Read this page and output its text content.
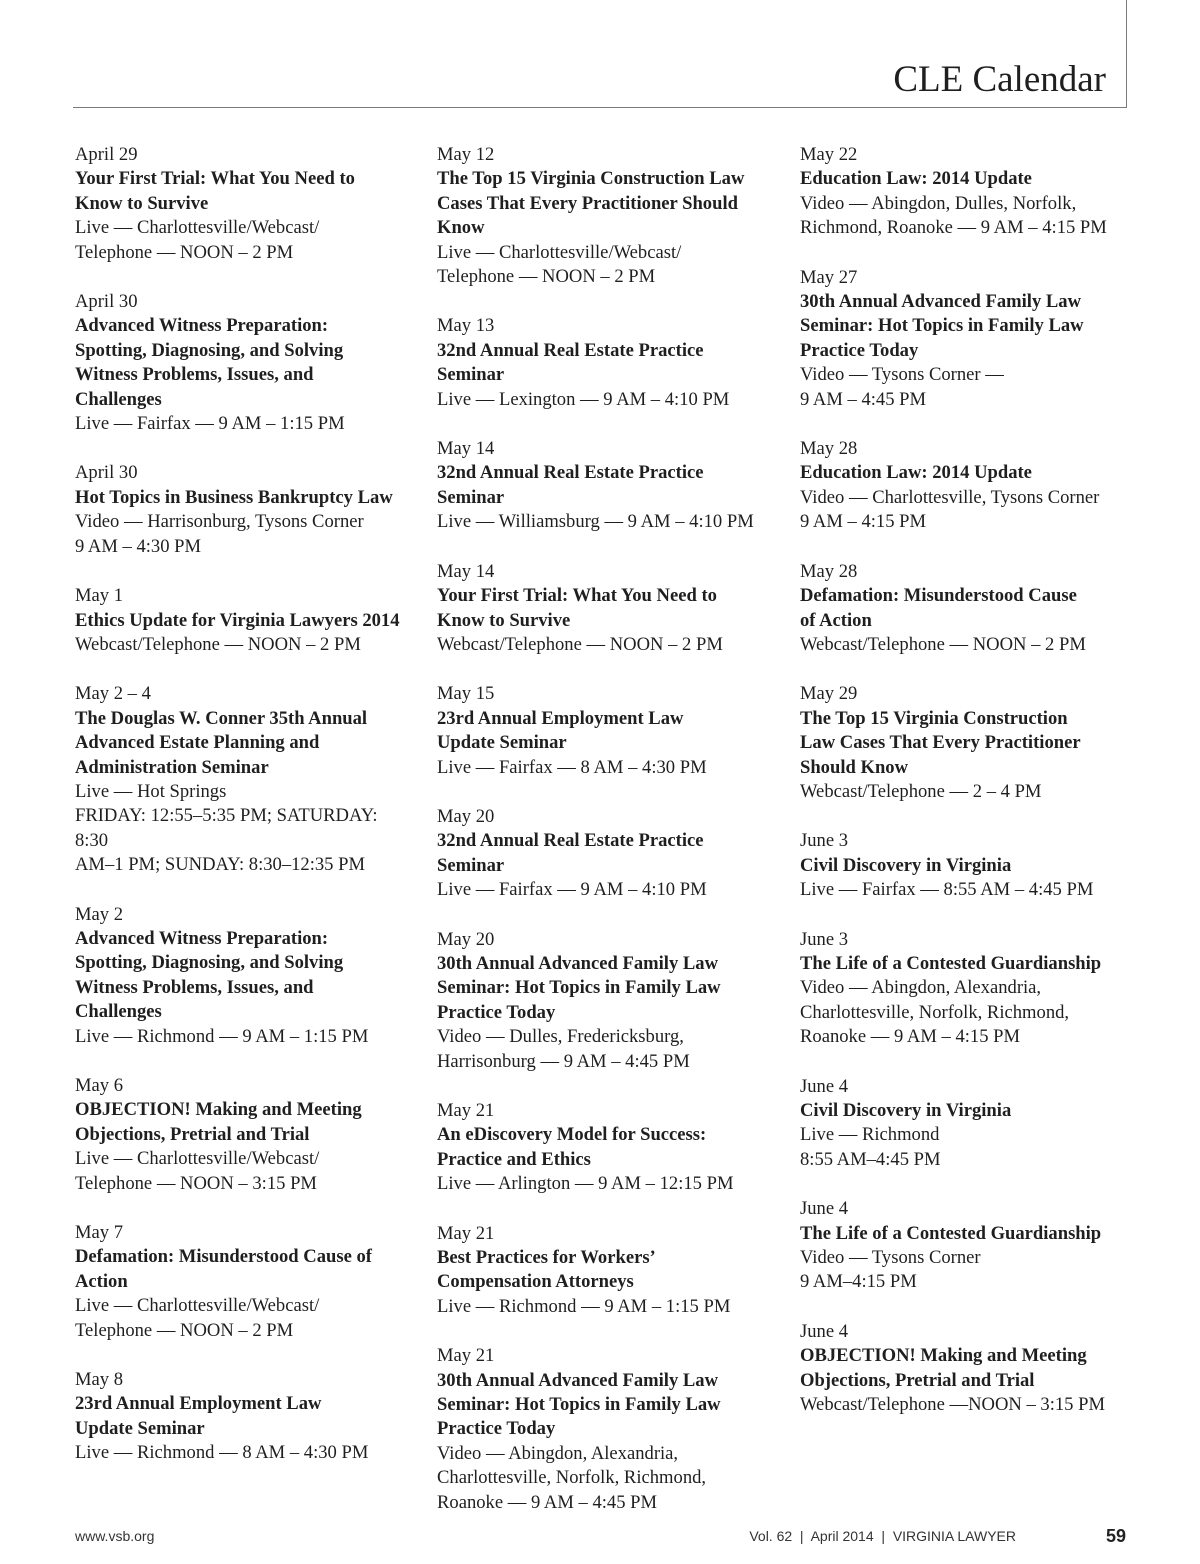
CLE Calendar
April 29
Your First Trial: What You Need to
Know to Survive
Live — Charlottesville/Webcast/
Telephone — NOON – 2 PM
April 30
Advanced Witness Preparation:
Spotting, Diagnosing, and Solving
Witness Problems, Issues, and
Challenges
Live — Fairfax — 9 AM – 1:15 PM
April 30
Hot Topics in Business Bankruptcy Law
Video — Harrisonburg, Tysons Corner
9 AM – 4:30 PM
May 1
Ethics Update for Virginia Lawyers 2014
Webcast/Telephone — NOON – 2 PM
May 2 – 4
The Douglas W. Conner 35th Annual
Advanced Estate Planning and
Administration Seminar
Live — Hot Springs
FRIDAY: 12:55–5:35 PM; SATURDAY: 8:30
AM–1 PM; SUNDAY: 8:30–12:35 PM
May 2
Advanced Witness Preparation:
Spotting, Diagnosing, and Solving
Witness Problems, Issues, and
Challenges
Live — Richmond — 9 AM – 1:15 PM
May 6
OBJECTION! Making and Meeting
Objections, Pretrial and Trial
Live — Charlottesville/Webcast/
Telephone — NOON – 3:15 PM
May 7
Defamation: Misunderstood Cause of
Action
Live — Charlottesville/Webcast/
Telephone — NOON – 2 PM
May 8
23rd Annual Employment Law
Update Seminar
Live — Richmond — 8 AM – 4:30 PM
May 12
The Top 15 Virginia Construction Law
Cases That Every Practitioner Should
Know
Live — Charlottesville/Webcast/
Telephone — NOON – 2 PM
May 13
32nd Annual Real Estate Practice
Seminar
Live — Lexington — 9 AM – 4:10 PM
May 14
32nd Annual Real Estate Practice
Seminar
Live — Williamsburg — 9 AM – 4:10 PM
May 14
Your First Trial: What You Need to
Know to Survive
Webcast/Telephone — NOON – 2 PM
May 15
23rd Annual Employment Law
Update Seminar
Live — Fairfax — 8 AM – 4:30 PM
May 20
32nd Annual Real Estate Practice
Seminar
Live — Fairfax — 9 AM – 4:10 PM
May 20
30th Annual Advanced Family Law
Seminar: Hot Topics in Family Law
Practice Today
Video — Dulles, Fredericksburg,
Harrisonburg — 9 AM – 4:45 PM
May 21
An eDiscovery Model for Success:
Practice and Ethics
Live — Arlington — 9 AM – 12:15 PM
May 21
Best Practices for Workers’
Compensation Attorneys
Live — Richmond — 9 AM – 1:15 PM
May 21
30th Annual Advanced Family Law
Seminar: Hot Topics in Family Law
Practice Today
Video — Abingdon, Alexandria,
Charlottesville, Norfolk, Richmond,
Roanoke — 9 AM – 4:45 PM
May 22
Education Law: 2014 Update
Video — Abingdon, Dulles, Norfolk,
Richmond, Roanoke — 9 AM – 4:15 PM
May 27
30th Annual Advanced Family Law
Seminar: Hot Topics in Family Law
Practice Today
Video — Tysons Corner —
9 AM – 4:45 PM
May 28
Education Law: 2014 Update
Video — Charlottesville, Tysons Corner
9 AM – 4:15 PM
May 28
Defamation: Misunderstood Cause
of Action
Webcast/Telephone — NOON – 2 PM
May 29
The Top 15 Virginia Construction
Law Cases That Every Practitioner
Should Know
Webcast/Telephone — 2 – 4 PM
June 3
Civil Discovery in Virginia
Live — Fairfax — 8:55 AM – 4:45 PM
June 3
The Life of a Contested Guardianship
Video — Abingdon, Alexandria,
Charlottesville, Norfolk, Richmond,
Roanoke — 9 AM – 4:15 PM
June 4
Civil Discovery in Virginia
Live — Richmond
8:55 AM–4:45 PM
June 4
The Life of a Contested Guardianship
Video — Tysons Corner
9 AM–4:15 PM
June 4
OBJECTION! Making and Meeting
Objections, Pretrial and Trial
Webcast/Telephone —NOON – 3:15 PM
www.vsb.org	Vol. 62  |  April 2014  |  VIRGINIA LAWYER	59
